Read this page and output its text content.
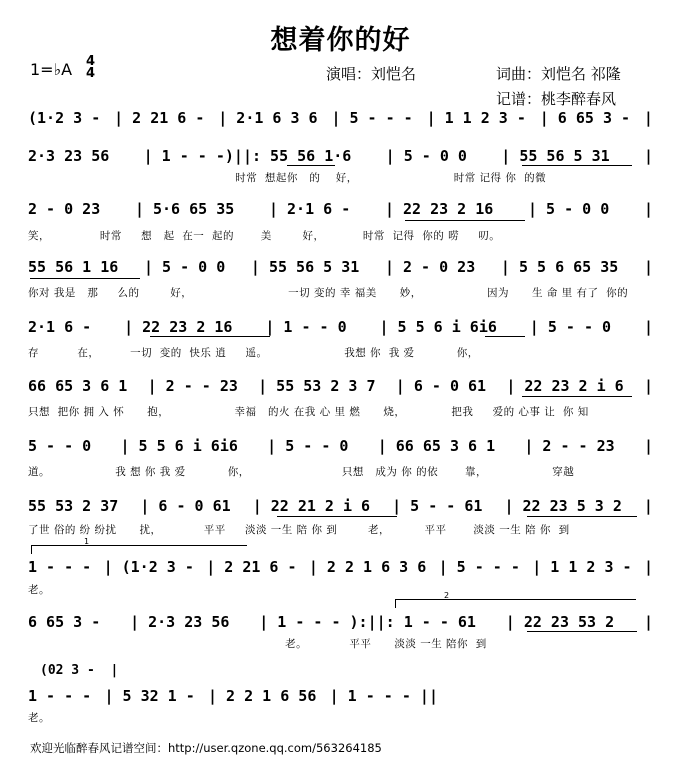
想着你的好
1=♭A 4
4	演唱：刘恺名	词曲：刘恺名 祁隆
记谱：桃李醉春风
(1·2 3 - | 2 21 6 - | 2·1 6 3 6 | 5 - - - | 1 1 2 3 - | 6 65 3 - |
2·3 23 56 | 1 - - -)||: 55 56 1·6 | 5 - 0 0 | 55 56 5 31 |
2 - 0 23 | 5·6 65 35 | 2·1 6 - | 22 23 2 16 | 5 - 0 0 |
55 56 1 16 | 5 - 0 0 | 55 56 5 31 | 2 - 0 23 | 5 5 6 65 35 |
2·1 6 - | 22 23 2 16 | 1 - - 0 | 5 5 6 i 6i6 | 5 - - 0 |
66 65 3 6 1 | 2 - - 23 | 55 53 2 3 7 | 6 - 0 61 | 22 23 2 i 6 |
5 - - 0 | 5 5 6 i 6i6 | 5 - - 0 | 66 65 3 6 1 | 2 - - 23 |
55 53 2 37 | 6 - 0 61 | 22 21 2 i 6 | 5 - - 61 | 22 23 5 3 2 |
1 - - - | (1·2 3 - | 2 21 6 - | 2 2 1 6 3 6 | 5 - - - | 1 1 2 3 - |
6 65 3 - | 2·3 23 56 | 1 - - - ):||: 1 - - 61 | 22 23 53 2 |
1 - - - | 5 32 1 - | 2 2 1 6 56 | 1 - - - ||
(02 3 -  |
时常  想起你   的    好，                         时常 记得 你  的微
笑，             时常     想   起  在一  起的       美        好，          时常  记得  你的 唠     叨。
你对 我是   那     么的        好，                         一切 变的 幸 福美      妙，                 因为      生 命 里 有了  你的
存          在，        一切  变的  快乐 逍     遥。                    我想 你  我 爱           你，
只想  把你 拥 入 怀      抱，                 幸福   的火 在我 心 里 燃      烧，            把我     爱的 心事 让  你 知
道。                 我 想 你 我 爱           你，                        只想   成为 你 的依       靠，                 穿越
了世 俗的 纷 纷扰      扰，           平平     淡淡 一生 陪 你 到        老，         平平       淡淡 一生 陪 你  到
老。
老。           平平      淡淡 一生 陪你  到
老。
1
2
欢迎光临醉春风记谱空间：http://user.qzone.qq.com/563264185
